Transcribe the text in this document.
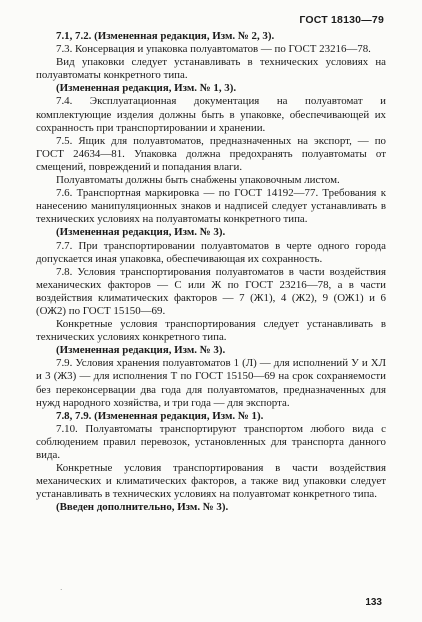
ГОСТ 18130—79

7.1, 7.2. (Измененная редакция, Изм. № 2, 3).

7.3. Консервация и упаковка полуавтоматов — по ГОСТ 23216—78.

Вид упаковки следует устанавливать в технических условиях на полуавтоматы конкретного типа.

(Измененная редакция, Изм. № 1, 3).

7.4. Эксплуатационная документация на полуавтомат и комплектующие изделия должны быть в упаковке, обеспечивающей их сохранность при транспортировании и хранении.

7.5. Ящик для полуавтоматов, предназначенных на экспорт, — по ГОСТ 24634—81. Упаковка должна предохранять полуавтоматы от смещений, повреждений и попадания влаги.

Полуавтоматы должны быть снабжены упаковочным листом.

7.6. Транспортная маркировка — по ГОСТ 14192—77. Требования к нанесению манипуляционных знаков и надписей следует устанавливать в технических условиях на полуавтоматы конкретного типа.

(Измененная редакция, Изм. № 3).

7.7. При транспортировании полуавтоматов в черте одного города допускается иная упаковка, обеспечивающая их сохранность.

7.8. Условия транспортирования полуавтоматов в части воздействия механических факторов — С или Ж по ГОСТ 23216—78, а в части воздействия климатических факторов — 7 (Ж1), 4 (Ж2), 9 (ОЖ1) и 6 (ОЖ2) по ГОСТ 15150—69.

Конкретные условия транспортирования следует устанавливать в технических условиях конкретного типа.

(Измененная редакция, Изм. № 3).

7.9. Условия хранения полуавтоматов 1 (Л) — для исполнений У и ХЛ и 3 (Ж3) — для исполнения Т по ГОСТ 15150—69 на срок сохраняемости без переконсервации два года для полуавтоматов, предназначенных для нужд народного хозяйства, и три года — для экспорта.

7.8, 7.9. (Измененная редакция, Изм. № 1).

7.10. Полуавтоматы транспортируют транспортом любого вида с соблюдением правил перевозок, установленных для транспорта данного вида.

Конкретные условия транспортирования в части воздействия механических и климатических факторов, а также вид упаковки следует устанавливать в технических условиях на полуавтомат конкретного типа.

(Введен дополнительно, Изм. № 3).

·
133
